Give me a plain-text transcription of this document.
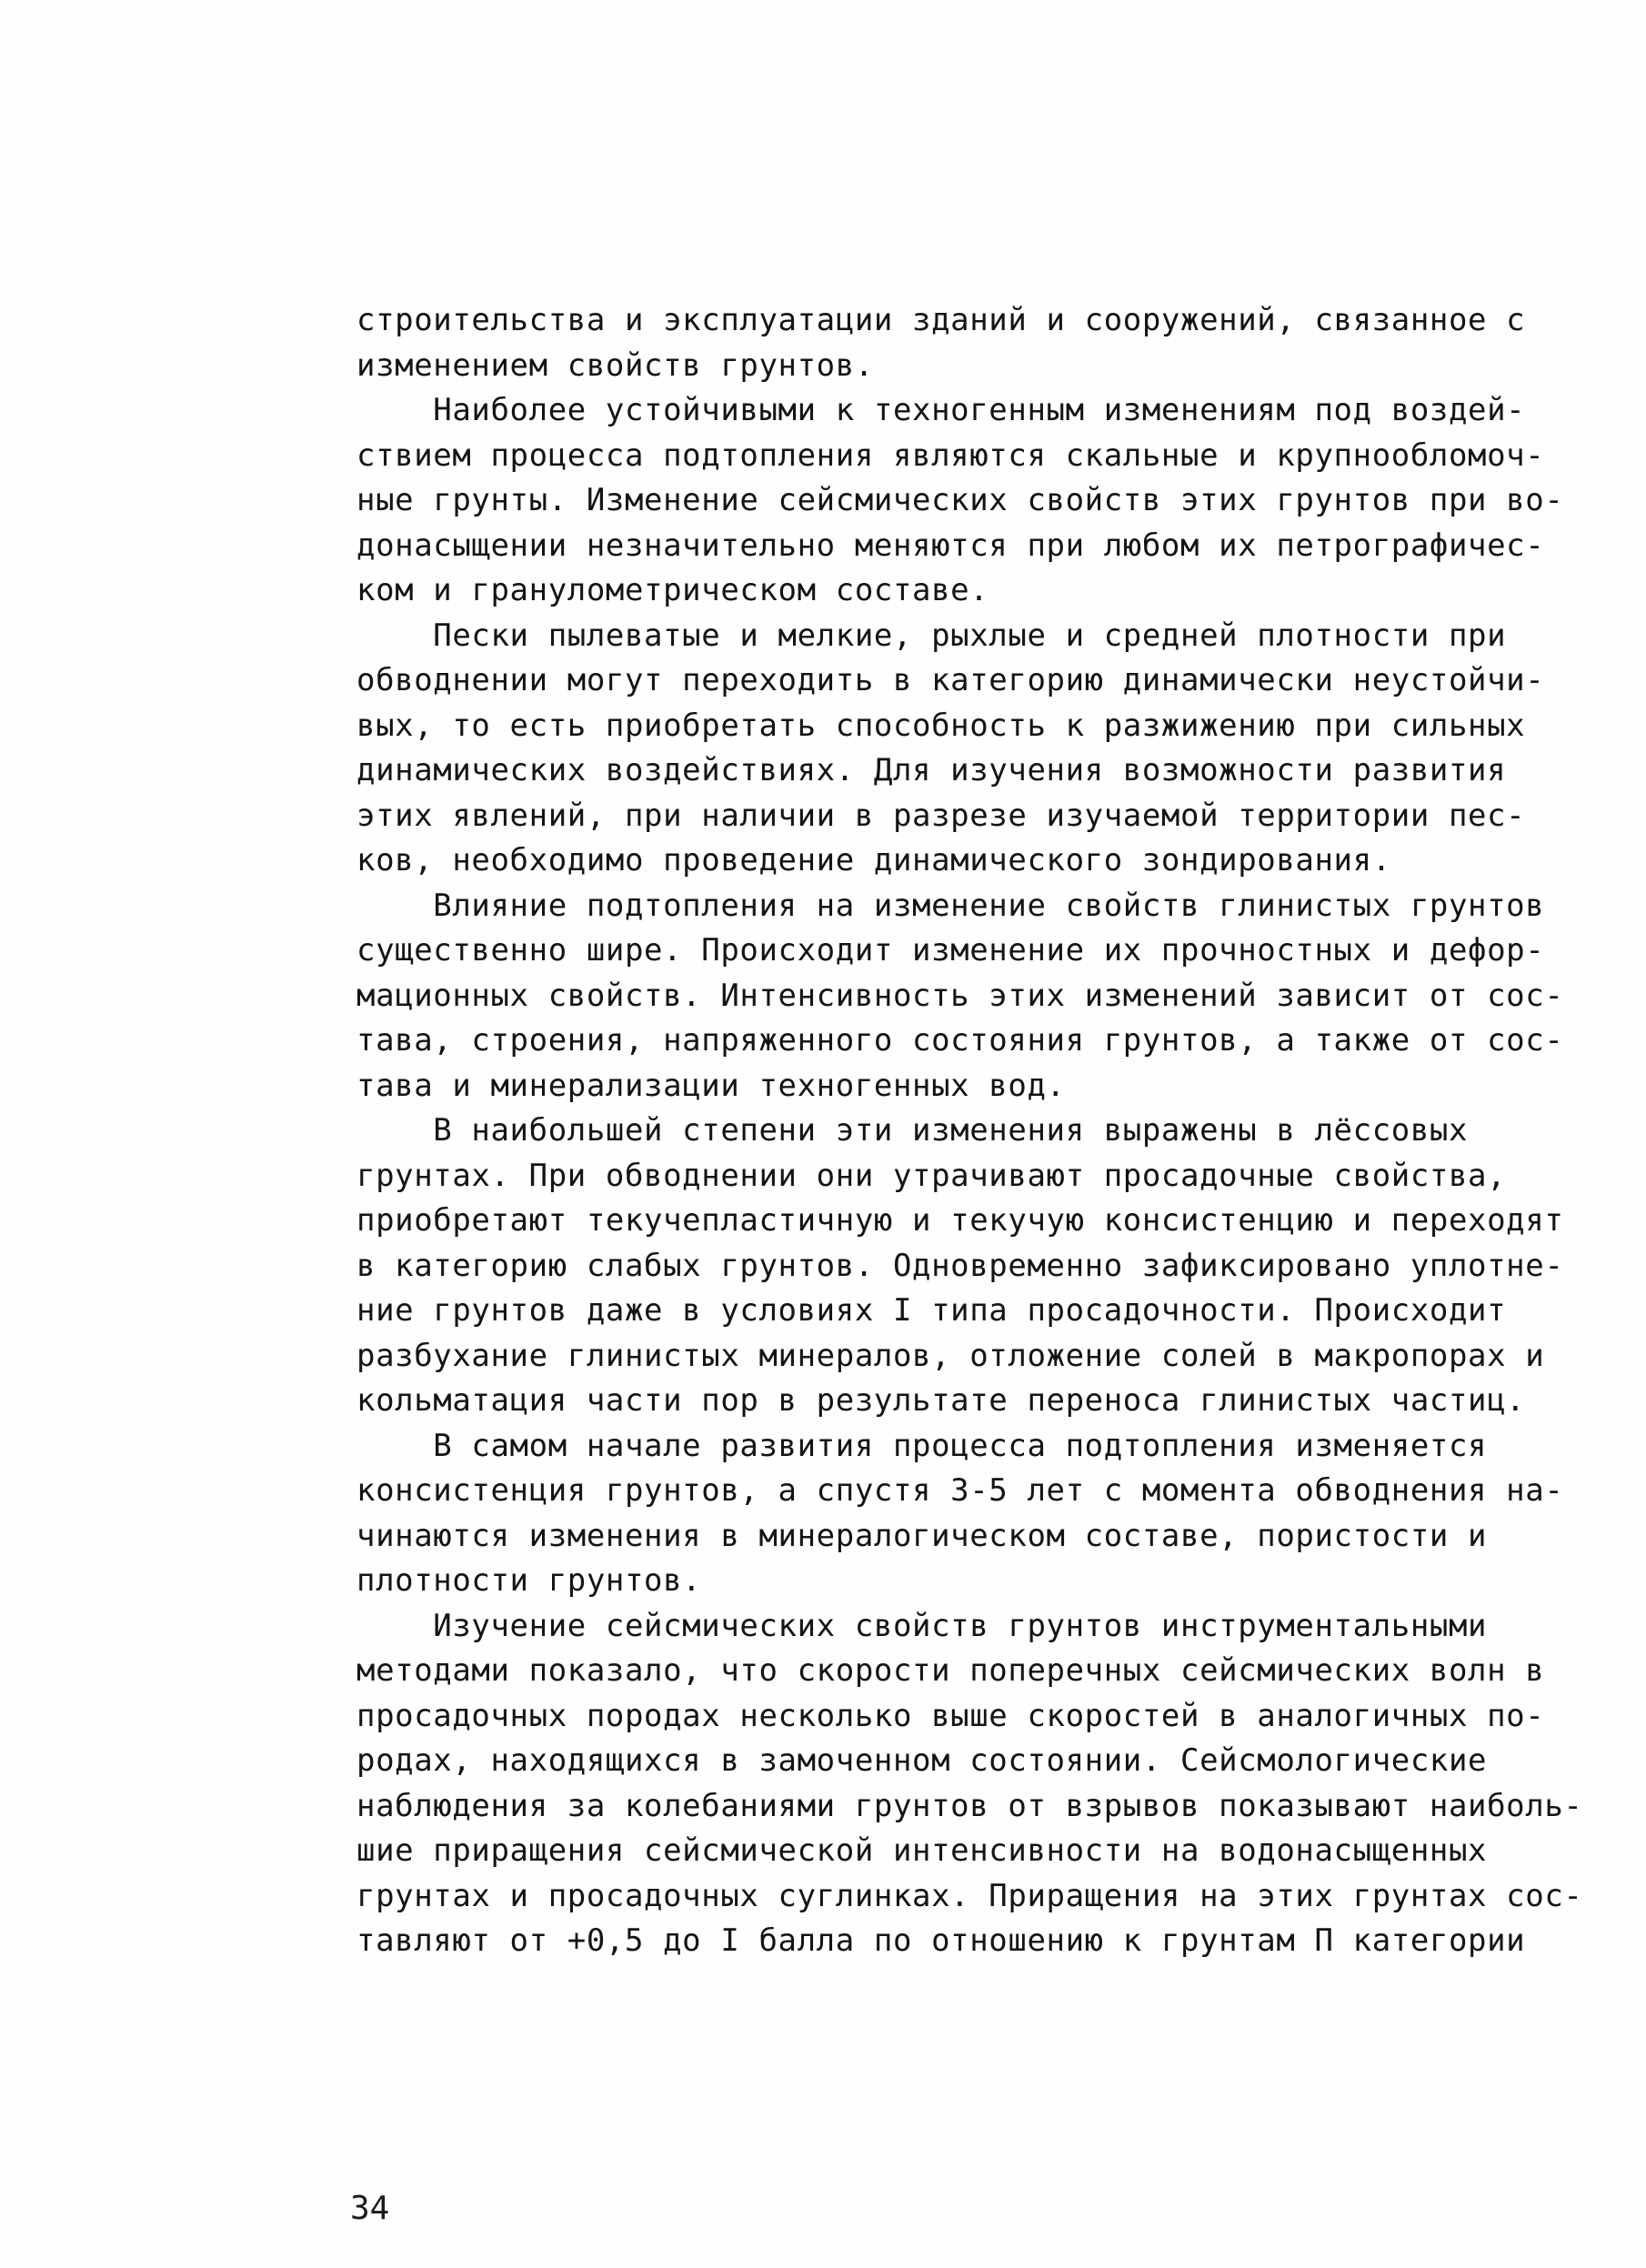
строительства и эксплуатации зданий и сооружений, связанное с
изменением свойств грунтов.
Наиболее устойчивыми к техногенным изменениям под воздей-
ствием процесса подтопления являются скальные и крупнообломоч-
ные грунты. Изменение сейсмических свойств этих грунтов при во-
донасыщении незначительно меняются при любом их петрографичес-
ком и гранулометрическом составе.
Пески пылеватые и мелкие, рыхлые и средней плотности при
обводнении могут переходить в категорию динамически неустойчи-
вых, то есть приобретать способность к разжижению при сильных
динамических воздействиях. Для изучения возможности развития
этих явлений, при наличии в разрезе изучаемой территории пес-
ков, необходимо проведение динамического зондирования.
Влияние подтопления на изменение свойств глинистых грунтов
существенно шире. Происходит изменение их прочностных и дефор-
мационных свойств. Интенсивность этих изменений зависит от сос-
тава, строения, напряженного состояния грунтов, а также от сос-
тава и минерализации техногенных вод.
В наибольшей степени эти изменения выражены в лёссовых
грунтах. При обводнении они утрачивают просадочные свойства,
приобретают текучепластичную и текучую консистенцию и переходят
в категорию слабых грунтов. Одновременно зафиксировано уплотне-
ние грунтов даже в условиях I типа просадочности. Происходит
разбухание глинистых минералов, отложение солей в макропорах и
кольматация части пор в результате переноса глинистых частиц.
В самом начале развития процесса подтопления изменяется
консистенция грунтов, а спустя 3-5 лет с момента обводнения на-
чинаются изменения в минералогическом составе, пористости и
плотности грунтов.
Изучение сейсмических свойств грунтов инструментальными
методами показало, что скорости поперечных сейсмических волн в
просадочных породах несколько выше скоростей в аналогичных по-
родах, находящихся в замоченном состоянии. Сейсмологические
наблюдения за колебаниями грунтов от взрывов показывают наиболь-
шие приращения сейсмической интенсивности на водонасыщенных
грунтах и просадочных суглинках. Приращения на этих грунтах сос-
тавляют от +0,5 до I балла по отношению к грунтам П категории
34
